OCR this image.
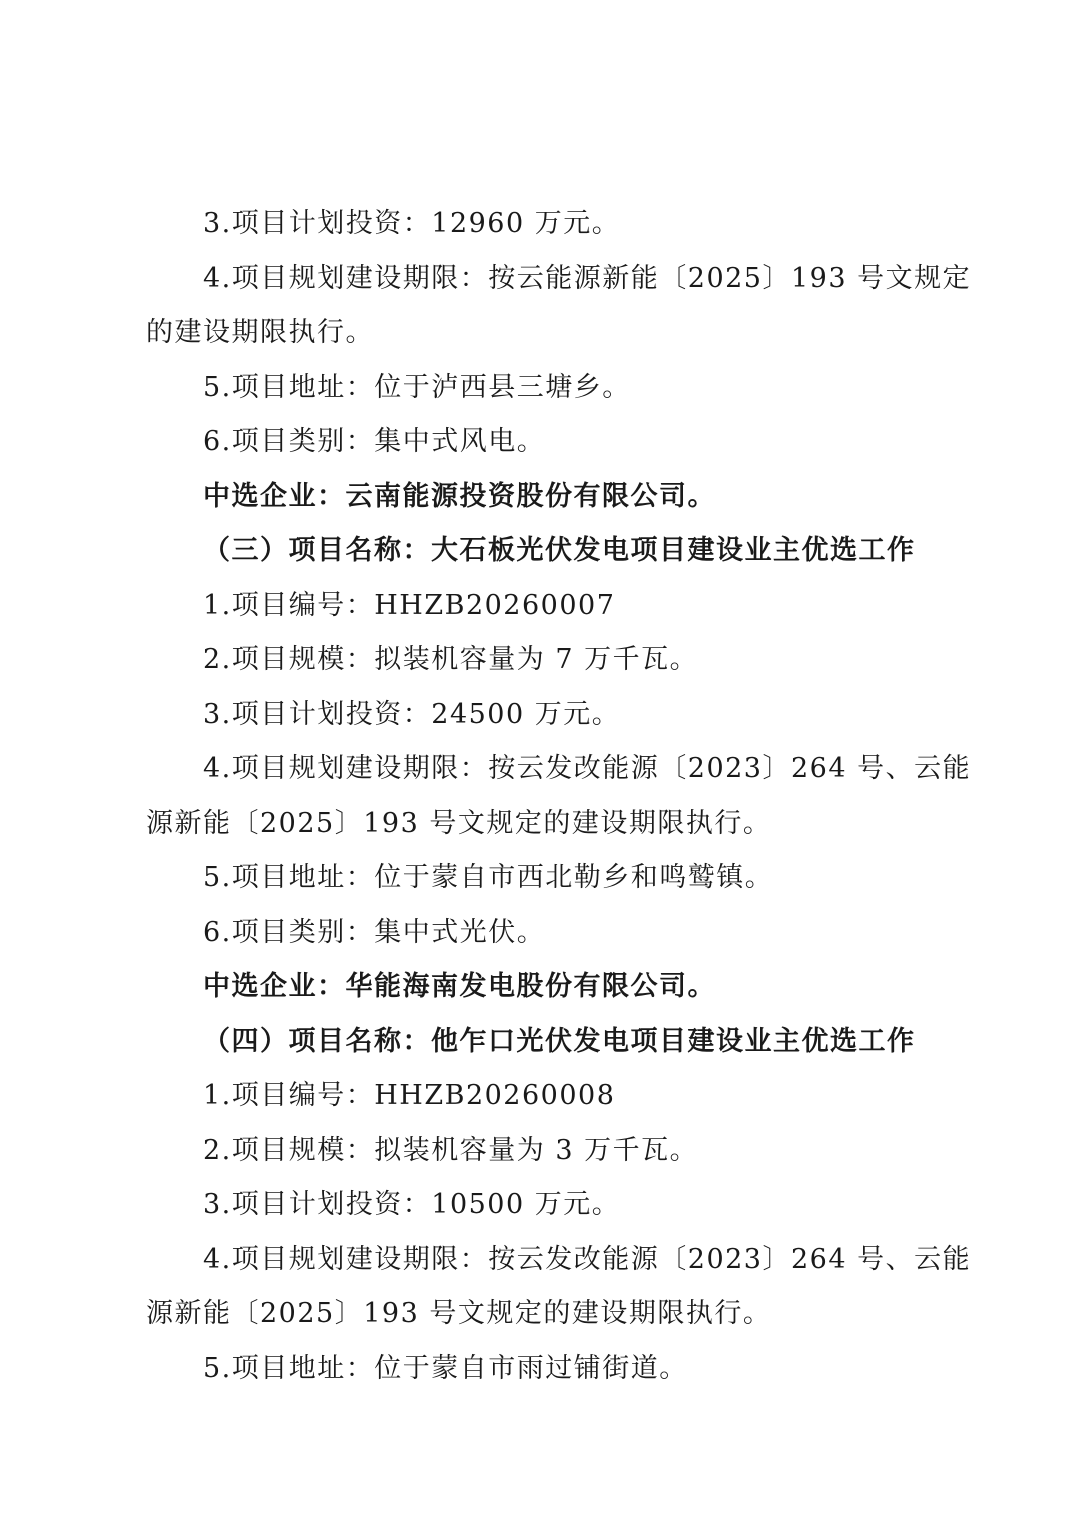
3.项目计划投资：12960 万元。
4.项目规划建设期限：按云能源新能〔2025〕193 号文规定
的建设期限执行。
5.项目地址：位于泸西县三塘乡。
6.项目类别：集中式风电。
中选企业：云南能源投资股份有限公司。
（三）项目名称：大石板光伏发电项目建设业主优选工作
1.项目编号：HHZB20260007
2.项目规模：拟装机容量为 7 万千瓦。
3.项目计划投资：24500 万元。
4.项目规划建设期限：按云发改能源〔2023〕264 号、云能
源新能〔2025〕193 号文规定的建设期限执行。
5.项目地址：位于蒙自市西北勒乡和鸣鹫镇。
6.项目类别：集中式光伏。
中选企业：华能海南发电股份有限公司。
（四）项目名称：他乍口光伏发电项目建设业主优选工作
1.项目编号：HHZB20260008
2.项目规模：拟装机容量为 3 万千瓦。
3.项目计划投资：10500 万元。
4.项目规划建设期限：按云发改能源〔2023〕264 号、云能
源新能〔2025〕193 号文规定的建设期限执行。
5.项目地址：位于蒙自市雨过铺街道。
